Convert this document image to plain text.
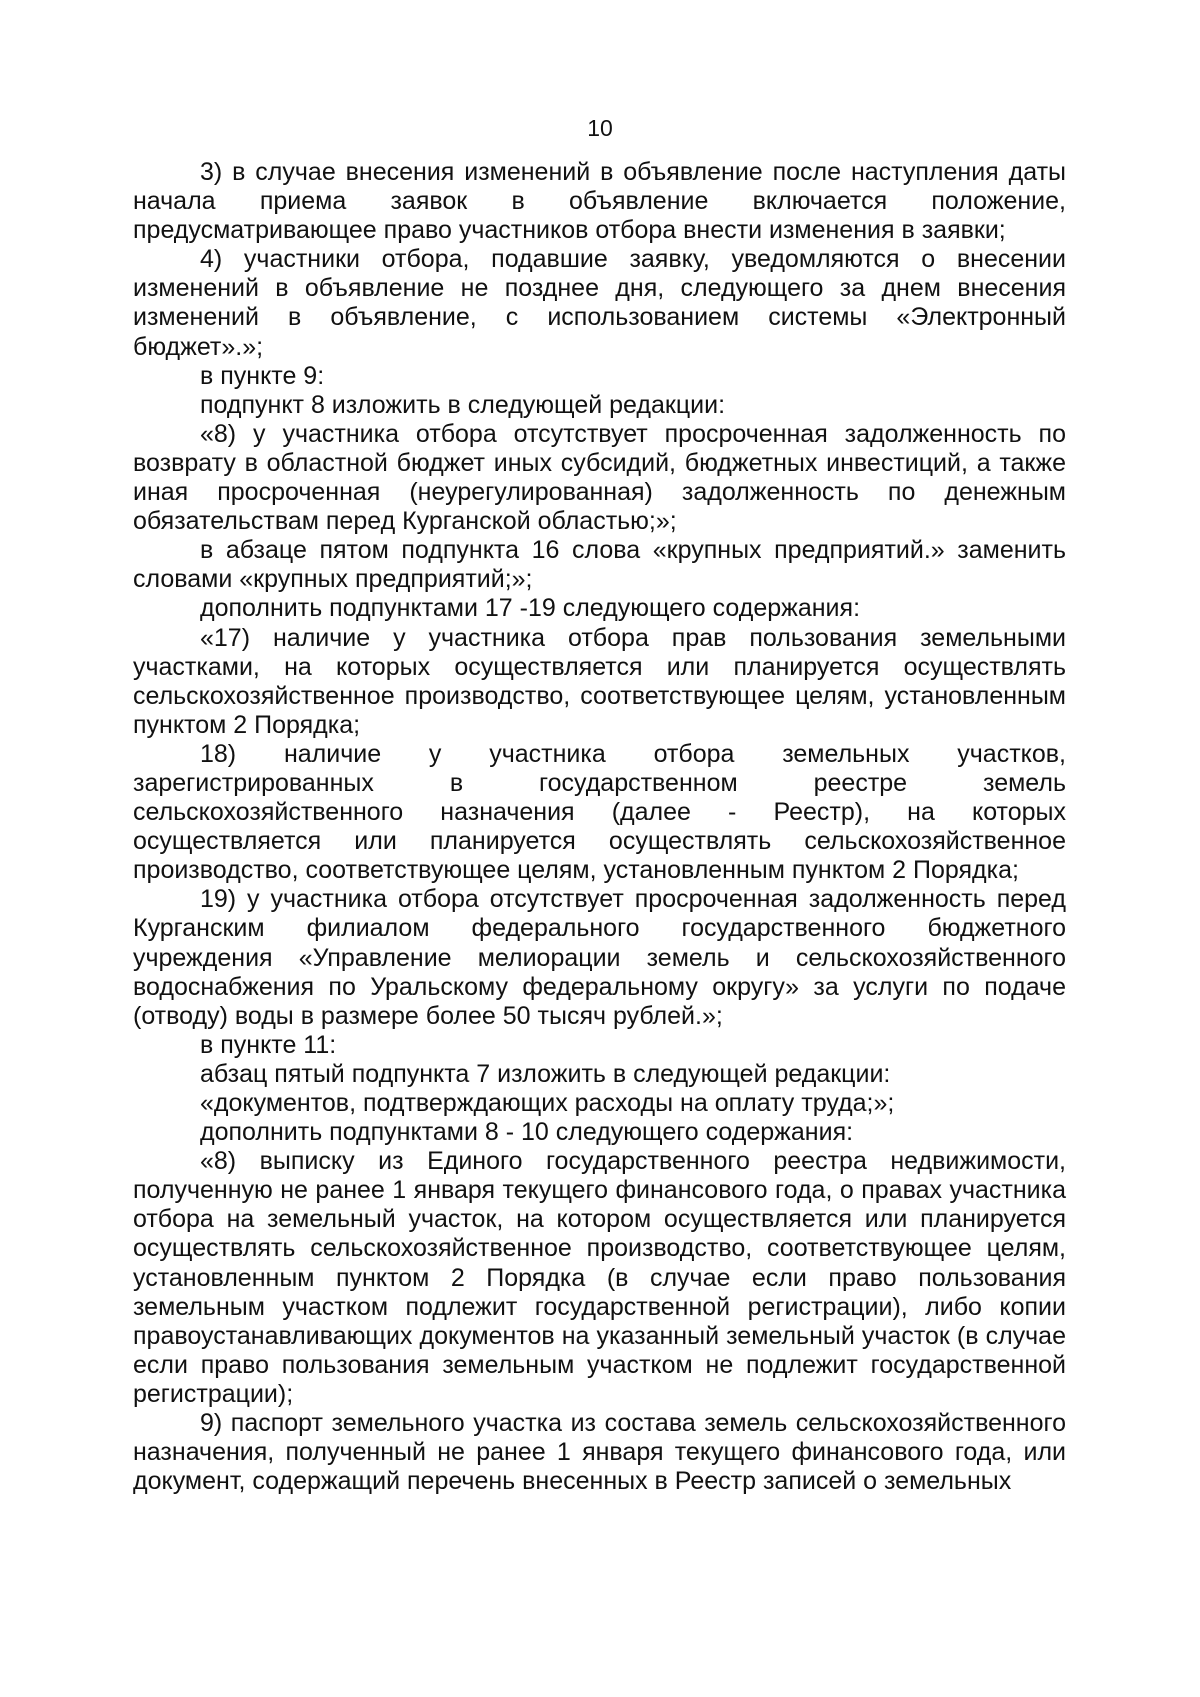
10

3) в случае внесения изменений в объявление после наступления даты начала приема заявок в объявление включается положение, предусматривающее право участников отбора внести изменения в заявки;

4) участники отбора, подавшие заявку, уведомляются о внесении изменений в объявление не позднее дня, следующего за днем внесения изменений в объявление, с использованием системы «Электронный бюджет».»;

в пункте 9:

подпункт 8 изложить в следующей редакции:

«8) у участника отбора отсутствует просроченная задолженность по возврату в областной бюджет иных субсидий, бюджетных инвестиций, а также иная просроченная (неурегулированная) задолженность по денежным обязательствам перед Курганской областью;»;

в абзаце пятом подпункта 16 слова «крупных предприятий.» заменить словами «крупных предприятий;»;

дополнить подпунктами 17 -19 следующего содержания:

«17) наличие у участника отбора прав пользования земельными участками, на которых осуществляется или планируется осуществлять сельскохозяйственное производство, соответствующее целям, установленным пунктом 2 Порядка;

18) наличие у участника отбора земельных участков, зарегистрированных в государственном реестре земель сельскохозяйственного назначения (далее - Реестр), на которых осуществляется или планируется осуществлять сельскохозяйственное производство, соответствующее целям, установленным пунктом 2 Порядка;

19) у участника отбора отсутствует просроченная задолженность перед Курганским филиалом федерального государственного бюджетного учреждения «Управление мелиорации земель и сельскохозяйственного водоснабжения по Уральскому федеральному округу» за услуги по подаче (отводу) воды в размере более 50 тысяч рублей.»;

в пункте 11:

абзац пятый подпункта 7 изложить в следующей редакции:

«документов, подтверждающих расходы на оплату труда;»;

дополнить подпунктами 8 - 10 следующего содержания:

«8) выписку из Единого государственного реестра недвижимости, полученную не ранее 1 января текущего финансового года, о правах участника отбора на земельный участок, на котором осуществляется или планируется осуществлять сельскохозяйственное производство, соответствующее целям, установленным пунктом 2 Порядка (в случае если право пользования земельным участком подлежит государственной регистрации), либо копии правоустанавливающих документов на указанный земельный участок (в случае если право пользования земельным участком не подлежит государственной регистрации);

9) паспорт земельного участка из состава земель сельскохозяйственного назначения, полученный не ранее 1 января текущего финансового года, или документ, содержащий перечень внесенных в Реестр записей о земельных
